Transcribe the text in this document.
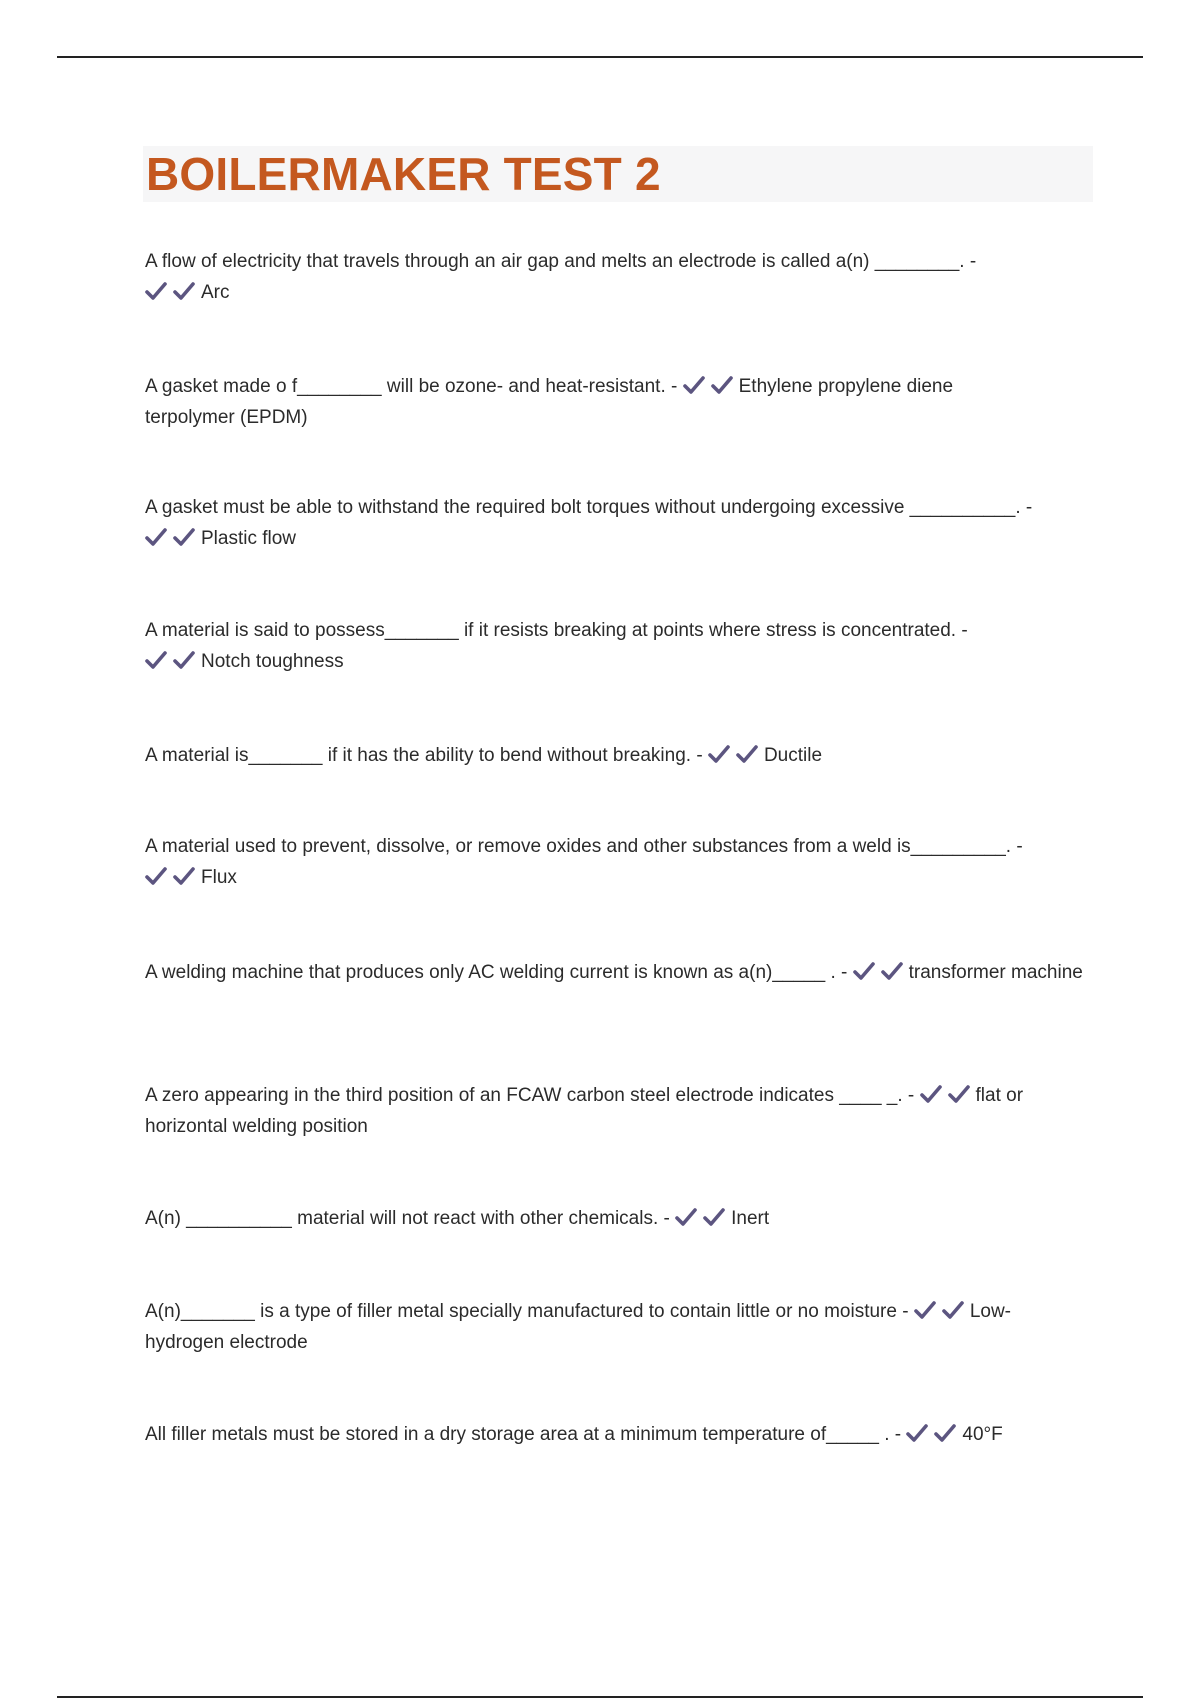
BOILERMAKER TEST 2
A flow of electricity that travels through an air gap and melts an electrode is called a(n) ________. -

Arc
A gasket made o f________ will be ozone- and heat-resistant. -	Ethylene propylene diene terpolymer (EPDM)
A gasket must be able to withstand the required bolt torques without undergoing excessive __________. -

Plastic flow
A material is said to possess_______ if it resists breaking at points where stress is concentrated. -

Notch toughness
A material is_______ if it has the ability to bend without breaking. -	Ductile
A material used to prevent, dissolve, or remove oxides and other substances from a weld is_________. -

Flux
A welding machine that produces only AC welding current is known as a(n)_____ . -	transformer machine
A zero appearing in the third position of an FCAW carbon steel electrode indicates ____ _. -	flat or horizontal welding position
A(n) __________ material will not react with other chemicals. -	Inert
A(n)_______ is a type of filler metal specially manufactured to contain little or no moisture -	Low-hydrogen electrode
All filler metals must be stored in a dry storage area at a minimum temperature of_____ . -	40°F
